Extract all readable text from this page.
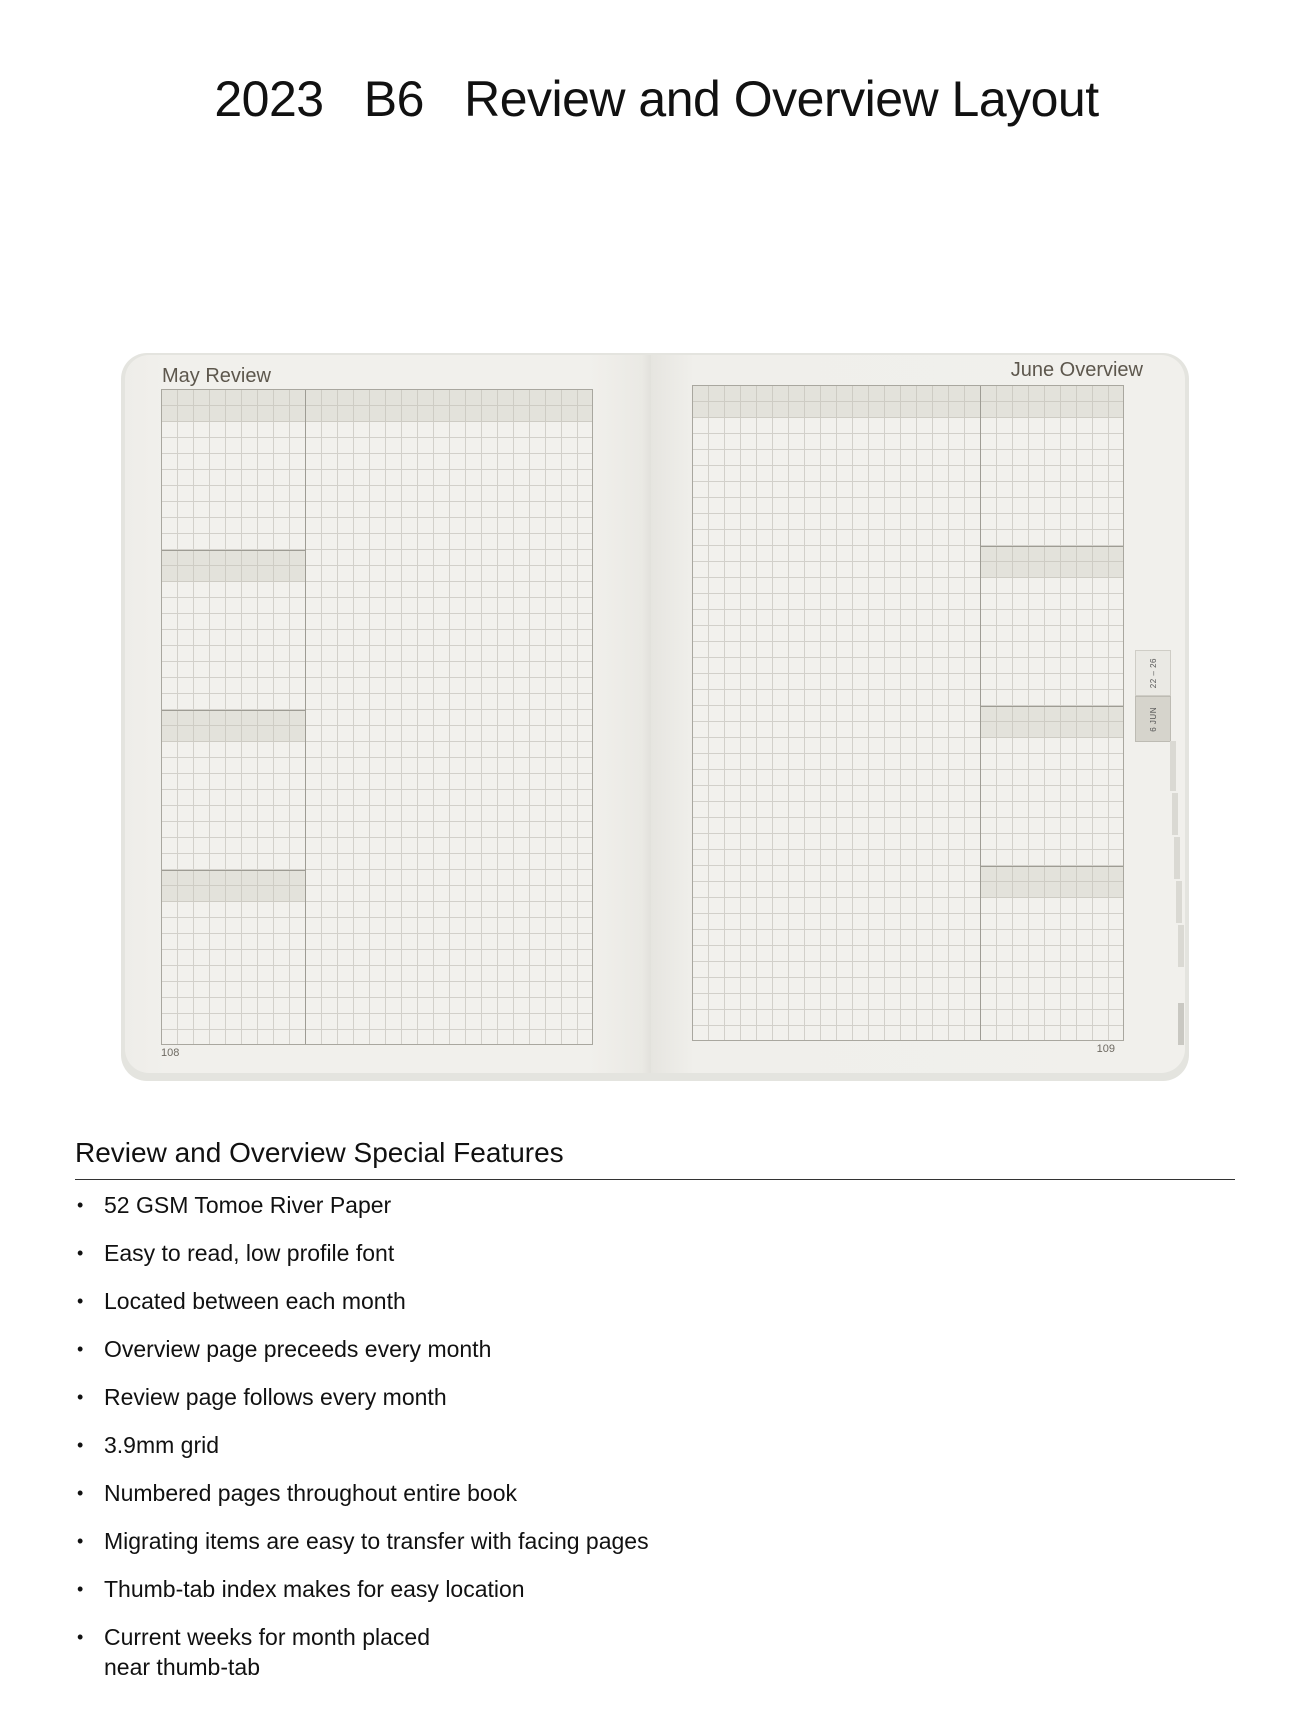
2023   B6   Review and Overview Layout
May Review
108
June Overview
109
22 – 26
6 JUN
Review and Overview Special Features
• 52 GSM Tomoe River Paper
• Easy to read, low profile font
• Located between each month
• Overview page preceeds every month
• Review page follows every month
• 3.9mm grid
• Numbered pages throughout entire book
• Migrating items are easy to transfer with facing pages
• Thumb-tab index makes for easy location
• Current weeks for month placed
near thumb-tab
